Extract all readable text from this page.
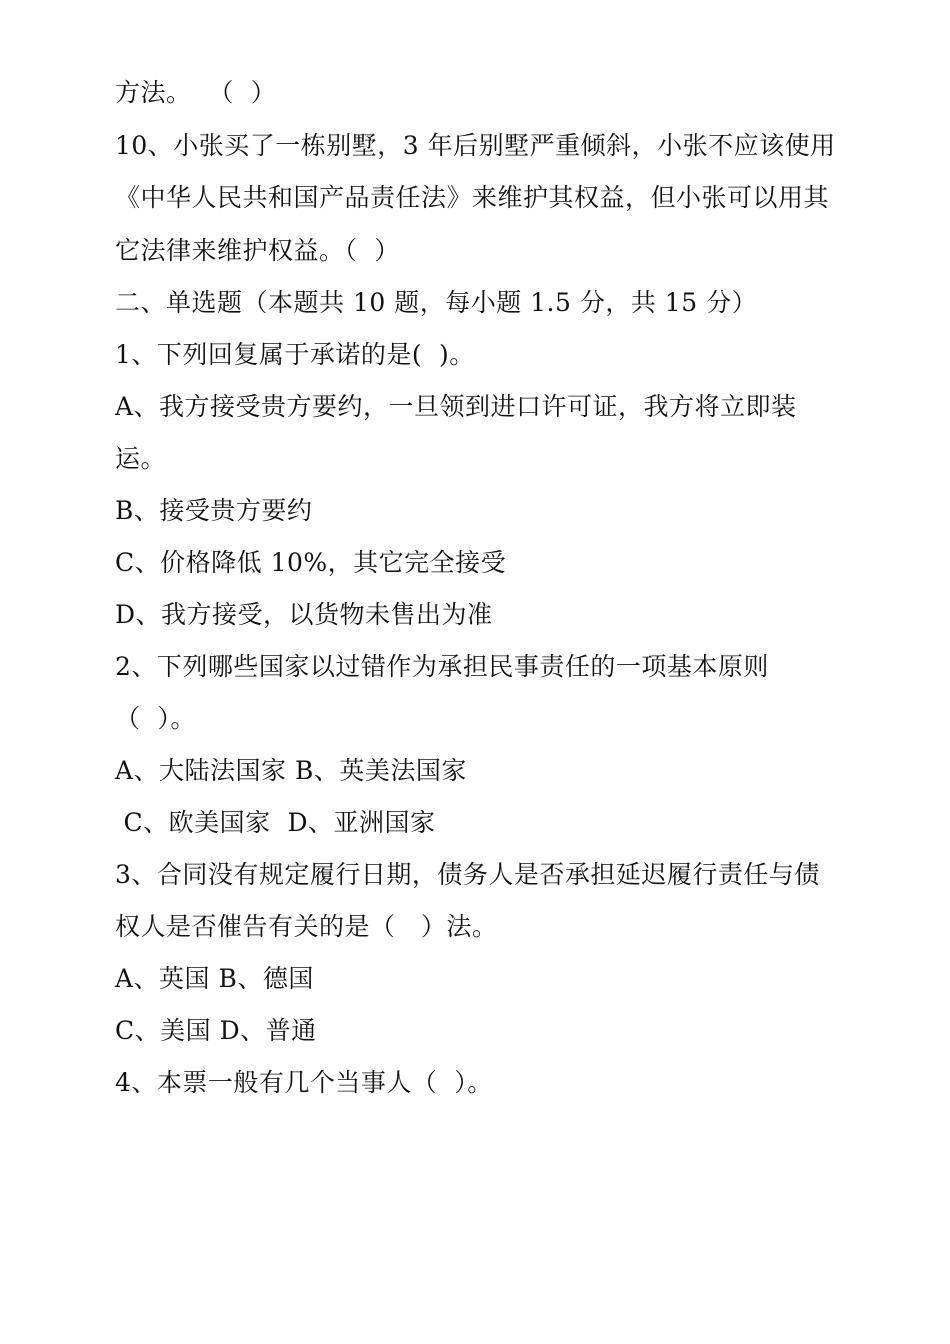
方法。  （  ）
10、小张买了一栋别墅，3 年后别墅严重倾斜，小张不应该使用
《中华人民共和国产品责任法》来维护其权益，但小张可以用其
它法律来维护权益。（  ）
二、单选题（本题共 10 题，每小题 1.5 分，共 15 分）
1、下列回复属于承诺的是(  )。
A、我方接受贵方要约，一旦领到进口许可证，我方将立即装
运。
B、接受贵方要约
C、价格降低 10%，其它完全接受
D、我方接受，以货物未售出为准
2、下列哪些国家以过错作为承担民事责任的一项基本原则
（  ）。
A、大陆法国家 B、英美法国家
C、欧美国家  D、亚洲国家
3、合同没有规定履行日期，债务人是否承担延迟履行责任与债
权人是否催告有关的是（   ）法。
A、英国 B、德国
C、美国 D、普通
4、本票一般有几个当事人（  ）。
